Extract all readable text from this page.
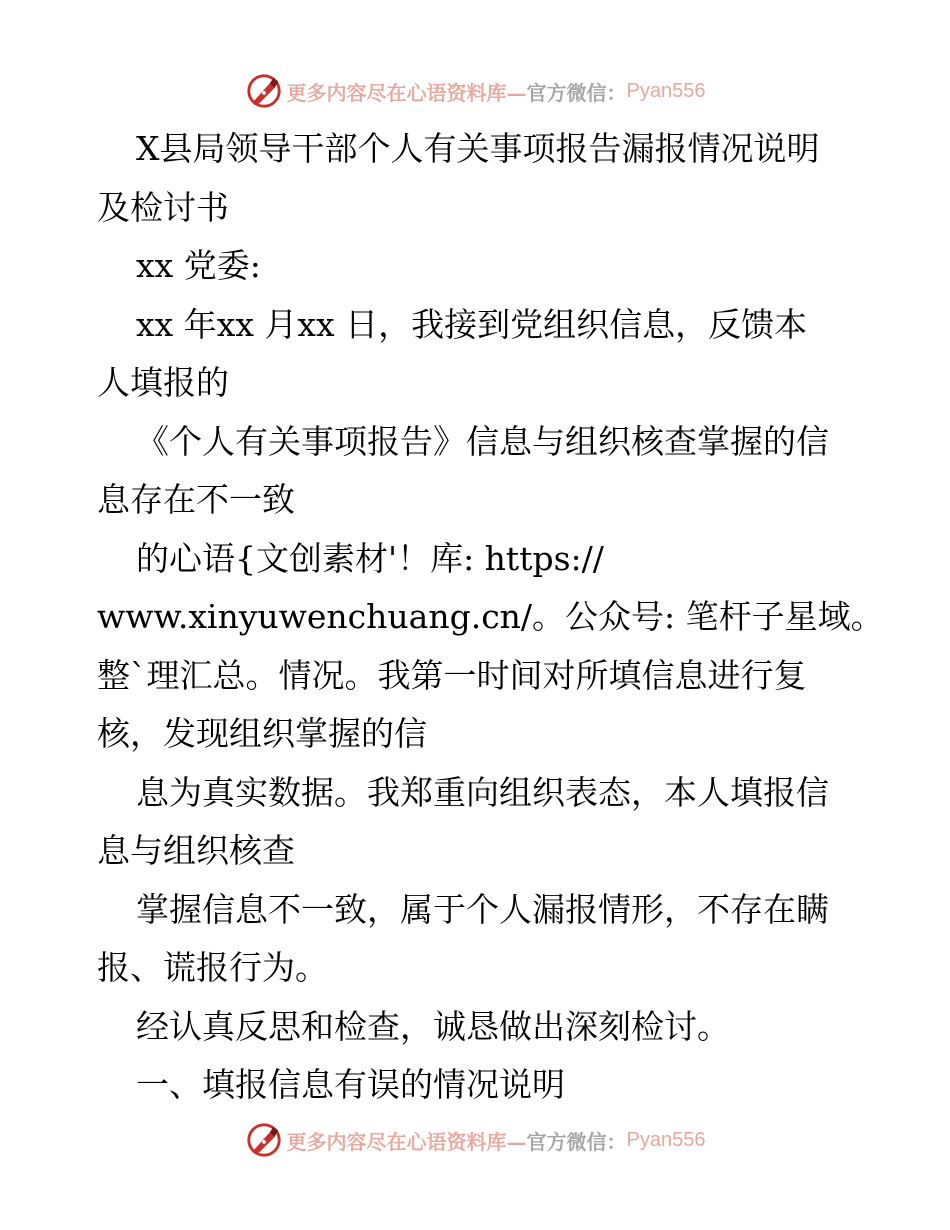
更多内容尽在心语资料库— 官方微信： Pyan556

X县局领导干部个人有关事项报告漏报情况说明

及检讨书

xx 党委:

xx 年xx 月xx 日，我接到党组织信息，反馈本

人填报的

《个人有关事项报告》信息与组织核查掌握的信

息存在不一致

的心语{文创素材'！库: https://

www.xinyuwenchuang.cn/。公众号: 笔杆子星域。

整`理汇总。情况。我第一时间对所填信息进行复

核，发现组织掌握的信

息为真实数据。我郑重向组织表态，本人填报信

息与组织核查

掌握信息不一致，属于个人漏报情形，不存在瞒

报、谎报行为。

经认真反思和检查，诚恳做出深刻检讨。

一、填报信息有误的情况说明

更多内容尽在心语资料库— 官方微信： Pyan556
